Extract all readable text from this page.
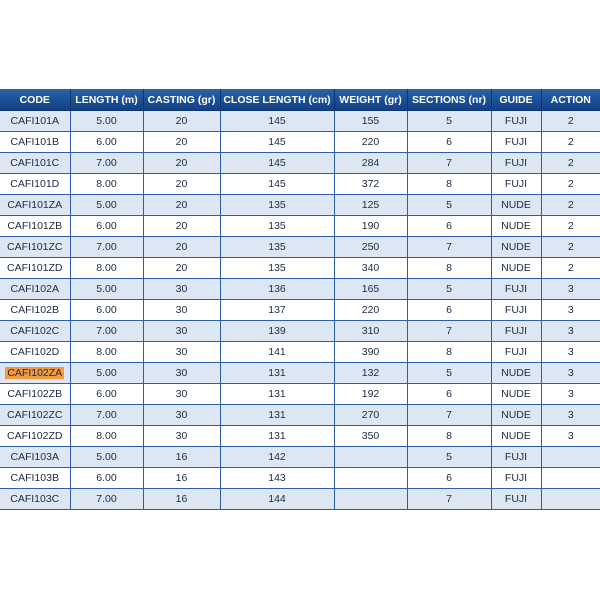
CODE	LENGTH (m)	CASTING (gr)	CLOSE LENGTH (cm)	WEIGHT (gr)	SECTIONS (nr)	GUIDE	ACTION
CAFI101A	5.00	20	145	155	5	FUJI	2
CAFI101B	6.00	20	145	220	6	FUJI	2
CAFI101C	7.00	20	145	284	7	FUJI	2
CAFI101D	8.00	20	145	372	8	FUJI	2
CAFI101ZA	5.00	20	135	125	5	NUDE	2
CAFI101ZB	6.00	20	135	190	6	NUDE	2
CAFI101ZC	7.00	20	135	250	7	NUDE	2
CAFI101ZD	8.00	20	135	340	8	NUDE	2
CAFI102A	5.00	30	136	165	5	FUJI	3
CAFI102B	6.00	30	137	220	6	FUJI	3
CAFI102C	7.00	30	139	310	7	FUJI	3
CAFI102D	8.00	30	141	390	8	FUJI	3
CAFI102ZA	5.00	30	131	132	5	NUDE	3
CAFI102ZB	6.00	30	131	192	6	NUDE	3
CAFI102ZC	7.00	30	131	270	7	NUDE	3
CAFI102ZD	8.00	30	131	350	8	NUDE	3
CAFI103A	5.00	16	142		5	FUJI	
CAFI103B	6.00	16	143		6	FUJI	
CAFI103C	7.00	16	144		7	FUJI	
